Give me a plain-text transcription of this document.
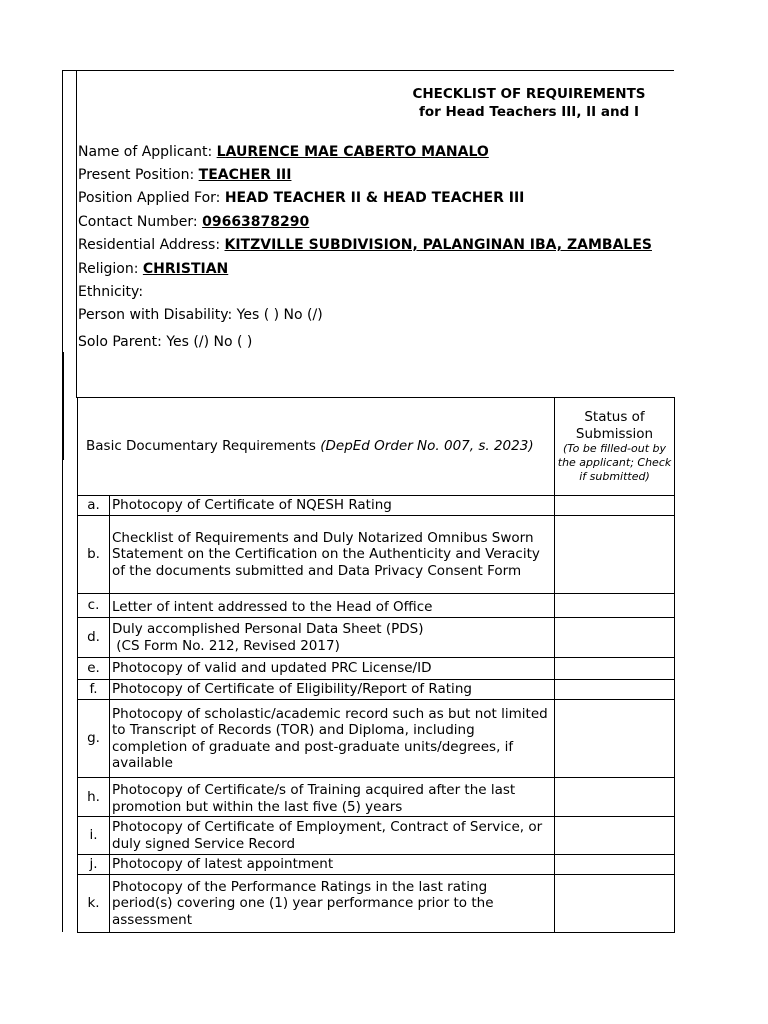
CHECKLIST OF REQUIREMENTS
for Head Teachers III, II and I
Name of Applicant: LAURENCE MAE CABERTO MANALO
Present Position: TEACHER III
Position Applied For: HEAD TEACHER II & HEAD TEACHER III
Contact Number: 09663878290
Residential Address: KITZVILLE SUBDIVISION, PALANGINAN IBA, ZAMBALES
Religion: CHRISTIAN
Ethnicity:
Person with Disability: Yes ( ) No (/)
Solo Parent: Yes (/) No ( )
Basic Documentary Requirements (DepEd Order No. 007, s. 2023)		Status of
Submission
(To be filled-out by the applicant; Check if submitted)

a.	Photocopy of Certificate of NQESH Rating	
b.	Checklist of Requirements and Duly Notarized Omnibus Sworn Statement on the Certification on the Authenticity and Veracity of the documents submitted and Data Privacy Consent Form	
c.	Letter of intent addressed to the Head of Office	
d.	Duly accomplished Personal Data Sheet (PDS)
(CS Form No. 212, Revised 2017)	
e.	Photocopy of valid and updated PRC License/ID	
f.	Photocopy of Certificate of Eligibility/Report of Rating	
g.	Photocopy of scholastic/academic record such as but not limited to Transcript of Records (TOR) and Diploma, including completion of graduate and post-graduate units/degrees, if available	
h.	Photocopy of Certificate/s of Training acquired after the last promotion but within the last five (5) years	
i.	Photocopy of Certificate of Employment, Contract of Service, or duly signed Service Record	
j.	Photocopy of latest appointment	
k.	Photocopy of the Performance Ratings in the last rating period(s) covering one (1) year performance prior to the assessment	
